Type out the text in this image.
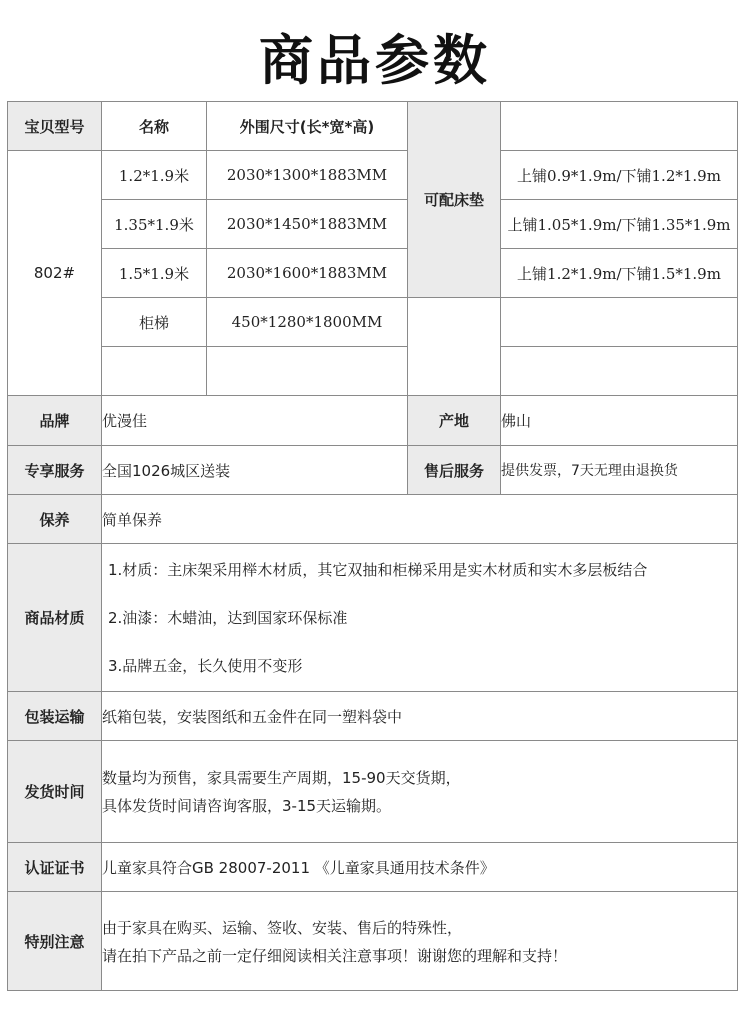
商品参数
宝贝型号	名称	外围尺寸(长*宽*高)	可配床垫	
802#	1.2*1.9米	2030*1300*1883MM		上铺0.9*1.9m/下铺1.2*1.9m
	1.35*1.9米	2030*1450*1883MM		上铺1.05*1.9m/下铺1.35*1.9m
	1.5*1.9米	2030*1600*1883MM		上铺1.2*1.9m/下铺1.5*1.9m
	柜梯	450*1280*1800MM		

品牌	优漫佳		产地	佛山
专享服务	全国1026城区送装		售后服务	提供发票，7天无理由退换货
保养	简单保养			
商品材质	1.材质：主床架采用榉木材质，其它双抽和柜梯采用是实木材质和实木多层板结合
2.油漆：木蜡油，达到国家环保标准
3.品牌五金，长久使用不变形			

包装运输	纸箱包装，安装图纸和五金件在同一塑料袋中			
发货时间	数量均为预售，家具需要生产周期，15-90天交货期，
具体发货时间请咨询客服，3-15天运输期。			

认证证书	儿童家具符合GB 28007-2011 《儿童家具通用技术条件》			
特别注意	由于家具在购买、运输、签收、安装、售后的特殊性，
请在拍下产品之前一定仔细阅读相关注意事项！谢谢您的理解和支持！			
